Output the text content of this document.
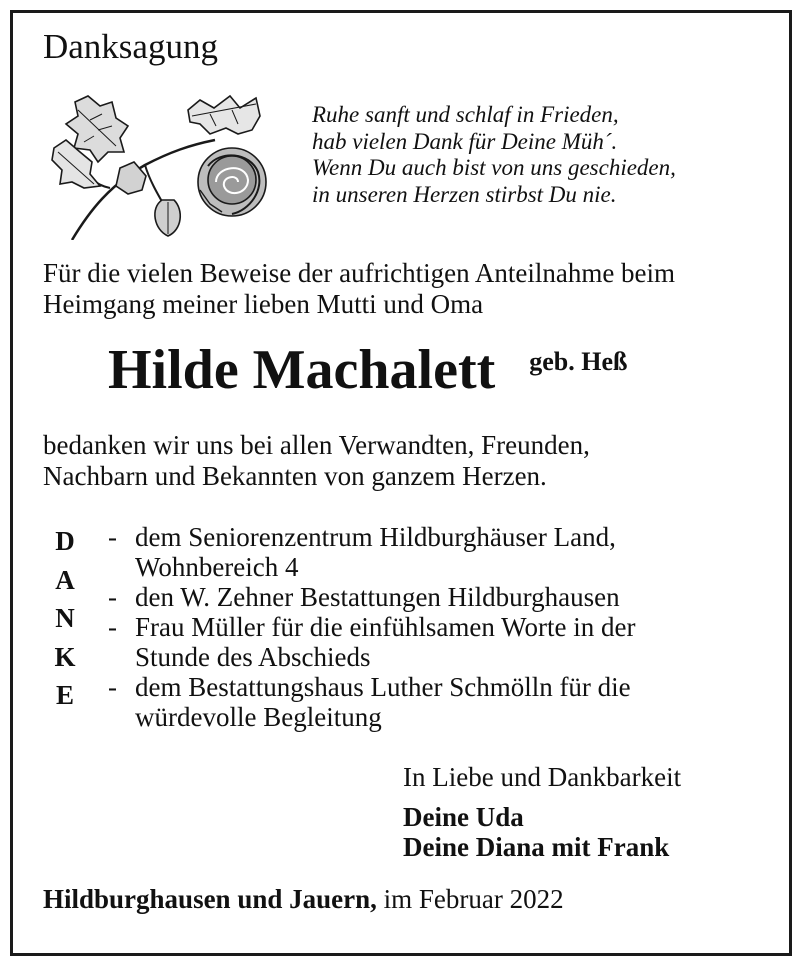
Danksagung
Ruhe sanft und schlaf in Frieden,
hab vielen Dank für Deine Müh´.
Wenn Du auch bist von uns geschieden,
in unseren Herzen stirbst Du nie.
Für die vielen Beweise der aufrichtigen Anteilnahme beim
Heimgang meiner lieben Mutti und Oma
Hilde Machalett geb. Heß
bedanken wir uns bei allen Verwandten, Freunden,
Nachbarn und Bekannten von ganzem Herzen.
D
A
N
K
E
- dem Seniorenzentrum Hildburghäuser Land,
Wohnbereich 4
- den W. Zehner Bestattungen Hildburghausen
- Frau Müller für die einfühlsamen Worte in der
Stunde des Abschieds
- dem Bestattungshaus Luther Schmölln für die
würdevolle Begleitung
In Liebe und Dankbarkeit
Deine Uda
Deine Diana mit Frank
Hildburghausen und Jauern, im Februar 2022
